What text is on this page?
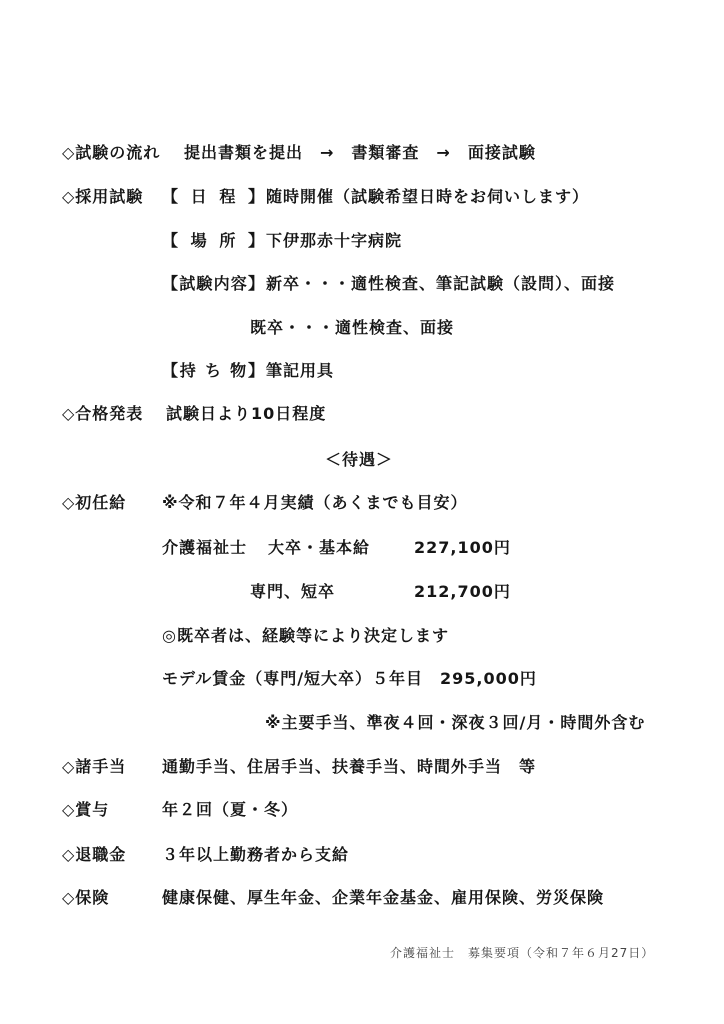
◇試験の流れ 提出書類を提出　→　書類審査　→　面接試験
◇採用試験 【 日 程 】 随時開催（試験希望日時をお伺いします）
【 場 所 】 下伊那赤十字病院
【試験内容】 新卒・・・適性検査、筆記試験（設問）、面接
既卒・・・適性検査、面接
【持 ち 物】 筆記用具
◇合格発表 試験日より10日程度
＜待遇＞
◇初任給 ※令和７年４月実績（あくまでも目安）
介護福祉士 大卒・基本給	227,100円
専門、短卒	212,700円
◎既卒者は、経験等により決定します
モデル賃金（専門/短大卒）５年目 295,000円
※主要手当、準夜４回・深夜３回/月・時間外含む
◇諸手当 通勤手当、住居手当、扶養手当、時間外手当　等
◇賞与	年２回（夏・冬）
◇退職金 ３年以上勤務者から支給
◇保険	健康保健、厚生年金、企業年金基金、雇用保険、労災保険
介護福祉士　募集要項（令和７年６月27日）
